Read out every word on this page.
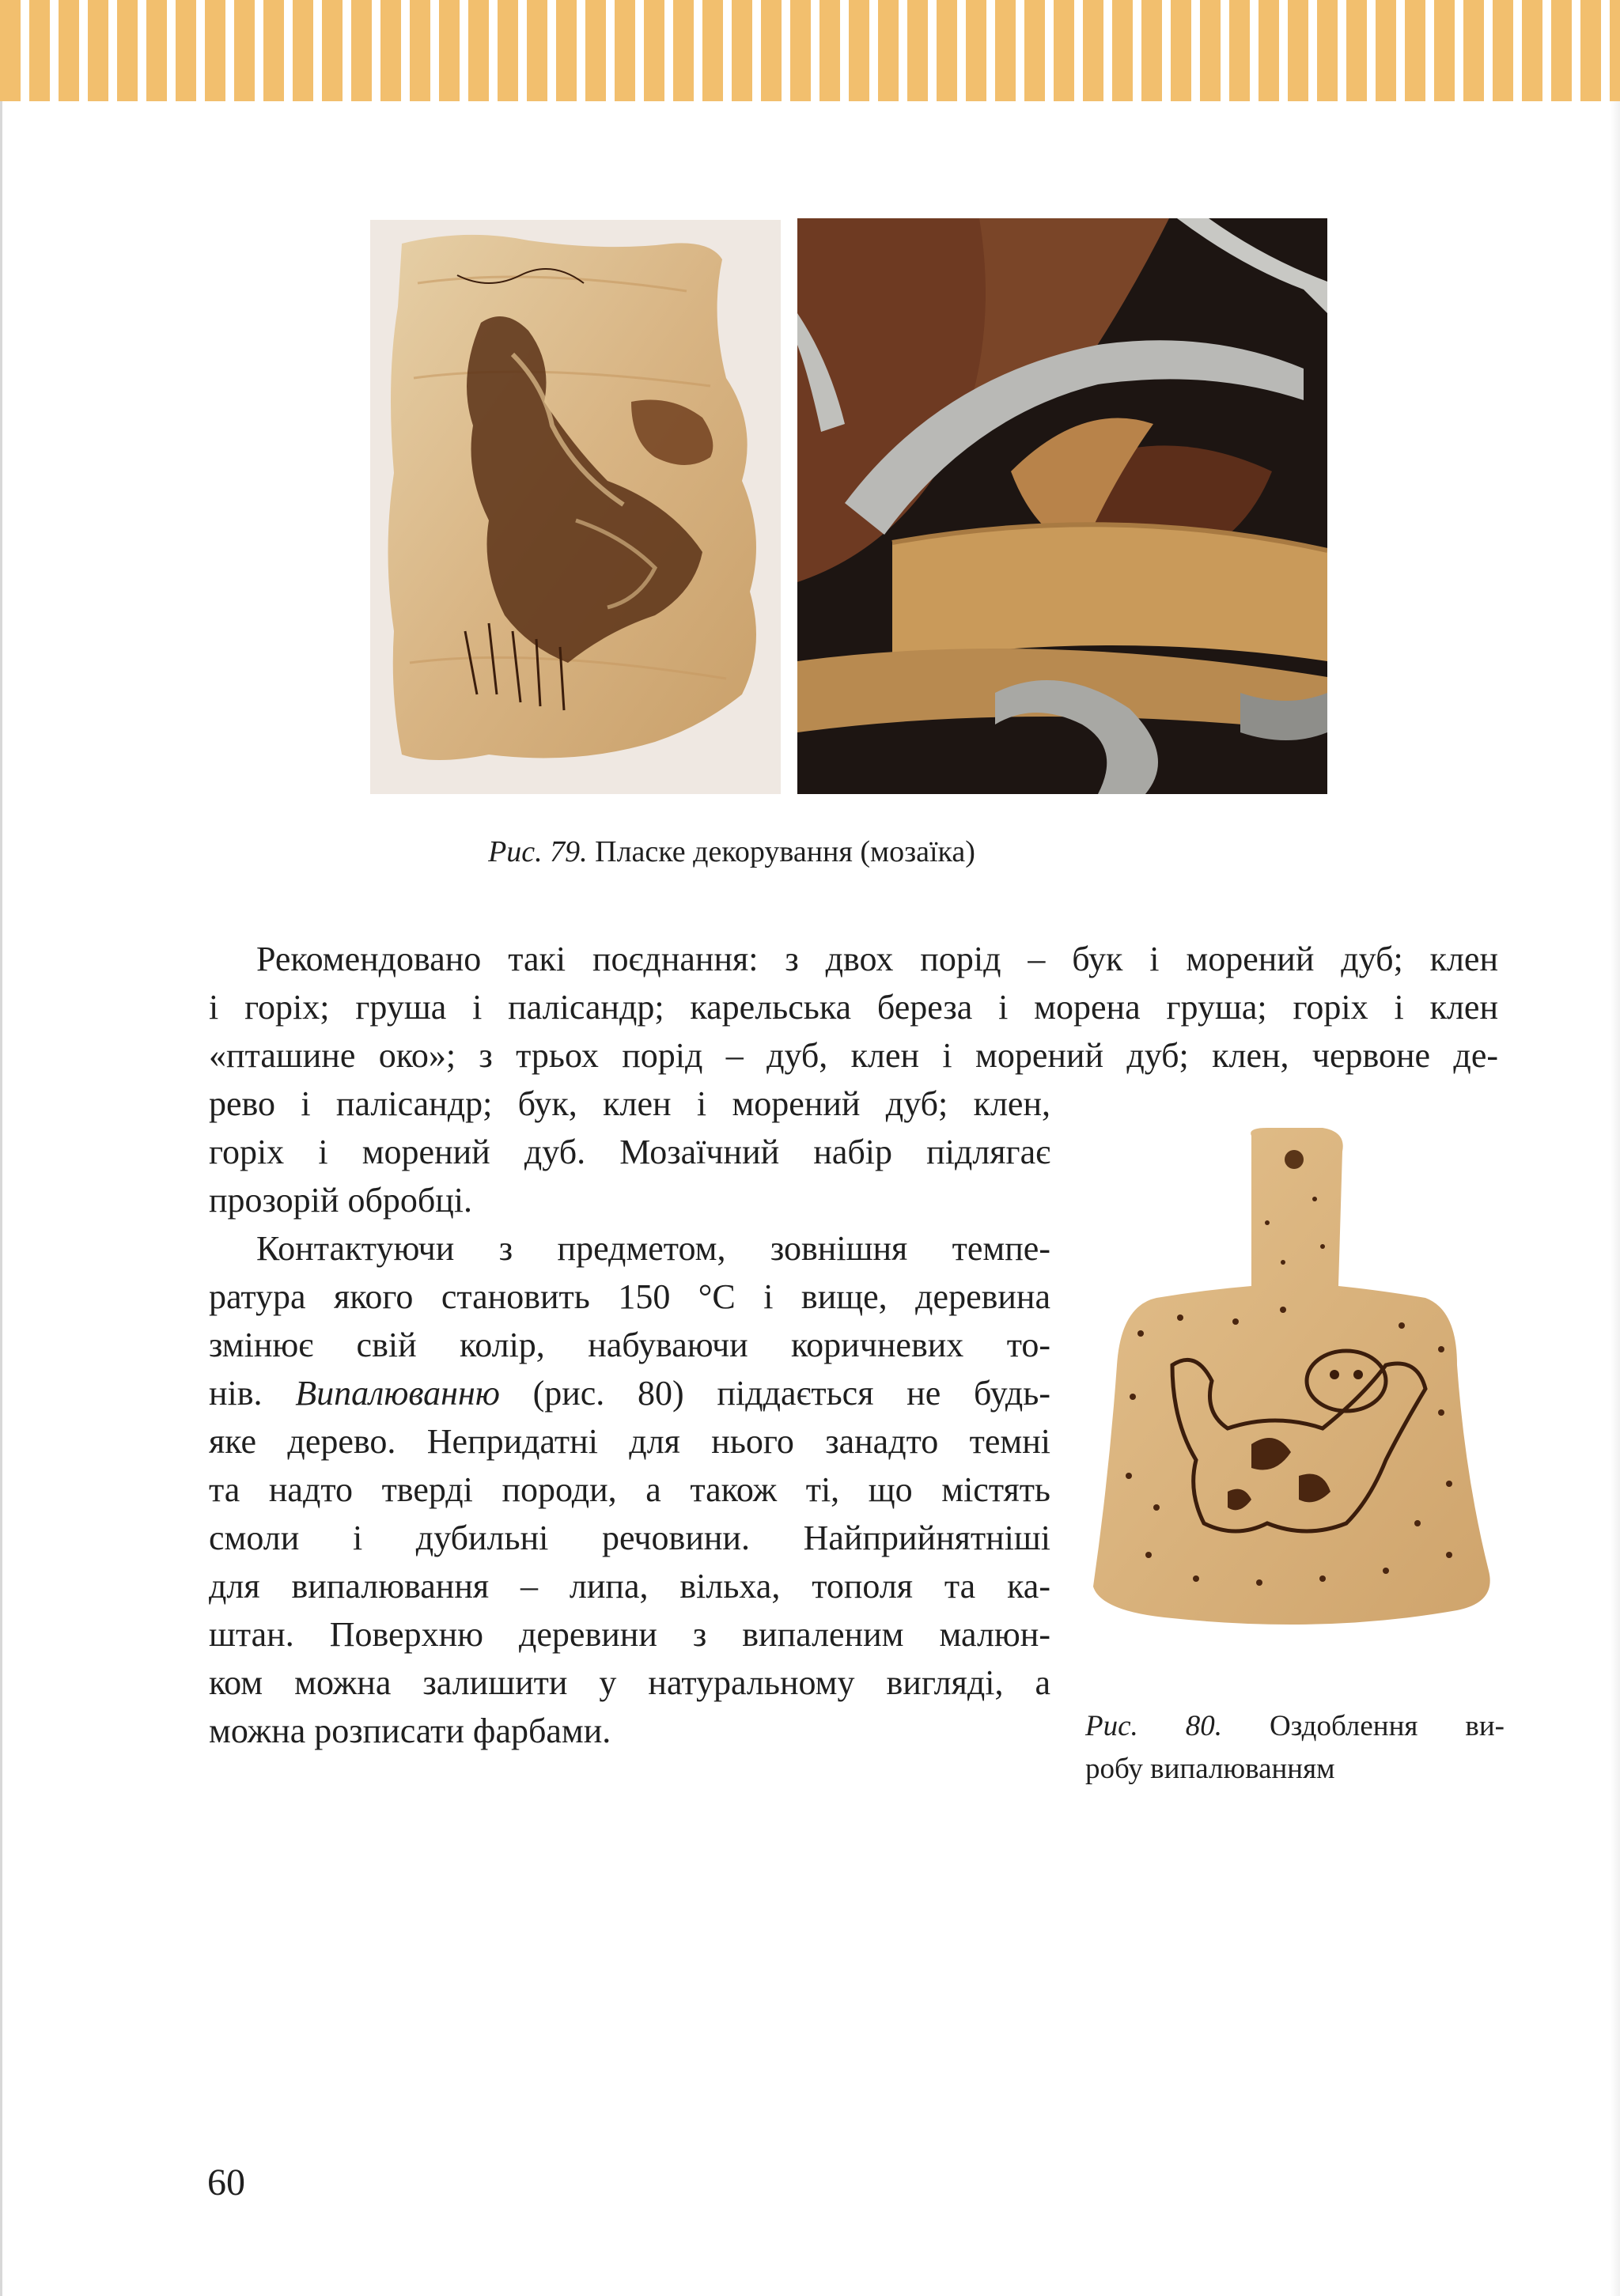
Рис. 79. Пласке декорування (мозаїка)
Рекомендовано такі поєднання: з двох порід – бук і морений дуб; клен
і горіх; груша і палісандр; карельська береза і морена груша; горіх і клен
«пташине око»; з трьох порід – дуб, клен і морений дуб; клен, червоне де-
рево і палісандр; бук, клен і морений дуб; клен,
горіх і морений дуб. Мозаїчний набір підлягає
прозорій обробці.
Контактуючи з предметом, зовнішня темпе-
ратура якого становить 150 °С і вище, деревина
змінює свій колір, набуваючи коричневих то-
нів. Випалюванню (рис. 80) піддається не будь-
яке дерево. Непридатні для нього занадто темні
та надто тверді породи, а також ті, що містять
смоли і дубильні речовини. Найприйнятніші
для випалювання – липа, вільха, тополя та ка-
штан. Поверхню деревини з випаленим малюн-
ком можна залишити у натуральному вигляді, а
можна розписати фарбами.	Рис. 80. Оздоблення ви-
робу випалюванням
60
